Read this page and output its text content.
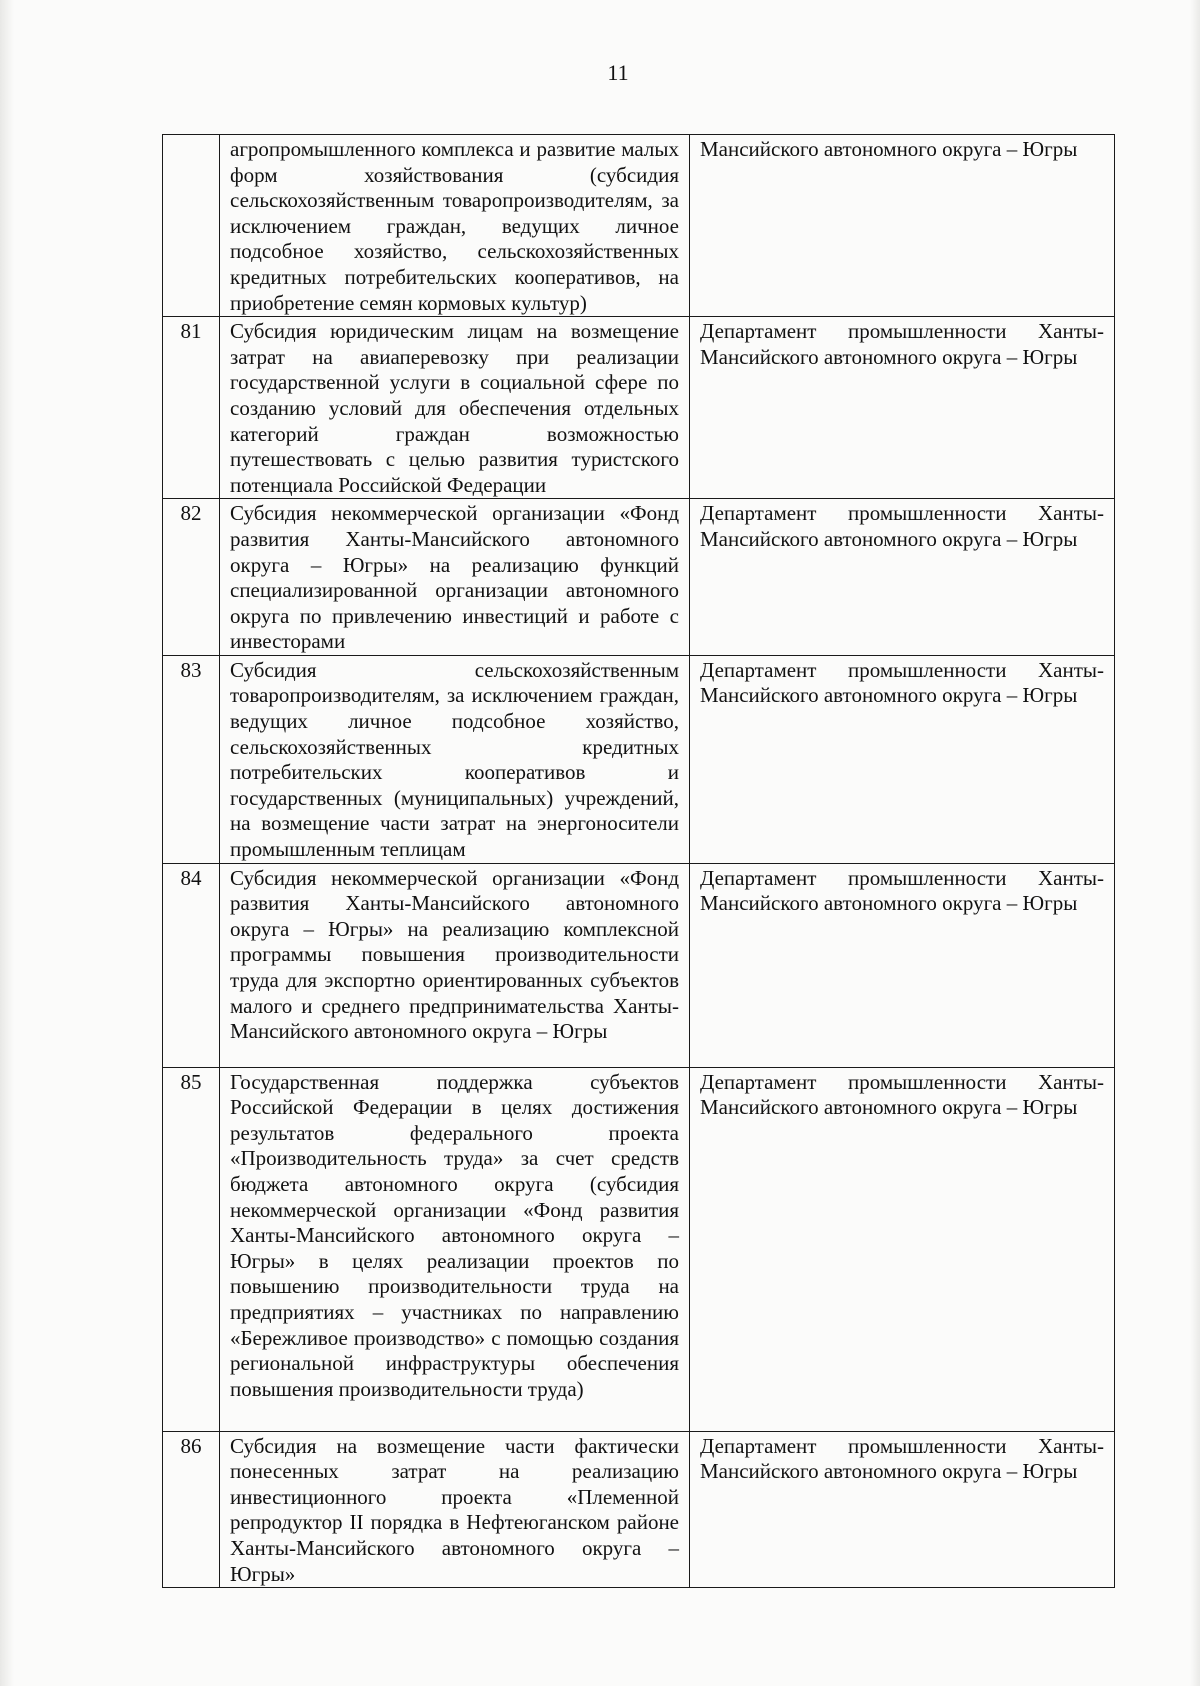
11
	агропромышленного комплекса и развитие малых форм хозяйствования (субсидия сельскохозяйственным товаропроизводителям, за исключением граждан, ведущих личное подсобное хозяйство, сельскохозяйственных кредитных потребительских кооперативов, на приобретение семян кормовых культур)	Мансийского автономного округа – Югры
81	Субсидия юридическим лицам на возмещение затрат на авиаперевозку при реализации государственной услуги в социальной сфере по созданию условий для обеспечения отдельных категорий граждан возможностью путешествовать с целью развития туристского потенциала Российской Федерации	Департамент промышленности Ханты-Мансийского автономного округа – Югры
82	Субсидия некоммерческой организации «Фонд развития Ханты-Мансийского автономного округа – Югры» на реализацию функций специализированной организации автономного округа по привлечению инвестиций и работе с инвесторами	Департамент промышленности Ханты-Мансийского автономного округа – Югры
83	Субсидия сельскохозяйственным товаропроизводителям, за исключением граждан, ведущих личное подсобное хозяйство, сельскохозяйственных кредитных потребительских кооперативов и государственных (муниципальных) учреждений, на возмещение части затрат на энергоносители промышленным теплицам	Департамент промышленности Ханты-Мансийского автономного округа – Югры
84	Субсидия некоммерческой организации «Фонд развития Ханты-Мансийского автономного округа – Югры» на реализацию комплексной программы повышения производительности труда для экспортно ориентированных субъектов малого и среднего предпринимательства Ханты-Мансийского автономного округа – Югры	Департамент промышленности Ханты-Мансийского автономного округа – Югры
85	Государственная поддержка субъектов Российской Федерации в целях достижения результатов федерального проекта «Производительность труда» за счет средств бюджета автономного округа (субсидия некоммерческой организации «Фонд развития Ханты-Мансийского автономного округа – Югры» в целях реализации проектов по повышению производительности труда на предприятиях – участниках по направлению «Бережливое производство» с помощью создания региональной инфраструктуры обеспечения повышения производительности труда)	Департамент промышленности Ханты-Мансийского автономного округа – Югры
86	Субсидия на возмещение части фактически понесенных затрат на реализацию инвестиционного проекта «Племенной репродуктор II порядка в Нефтеюганском районе Ханты-Мансийского автономного округа – Югры»	Департамент промышленности Ханты-Мансийского автономного округа – Югры
